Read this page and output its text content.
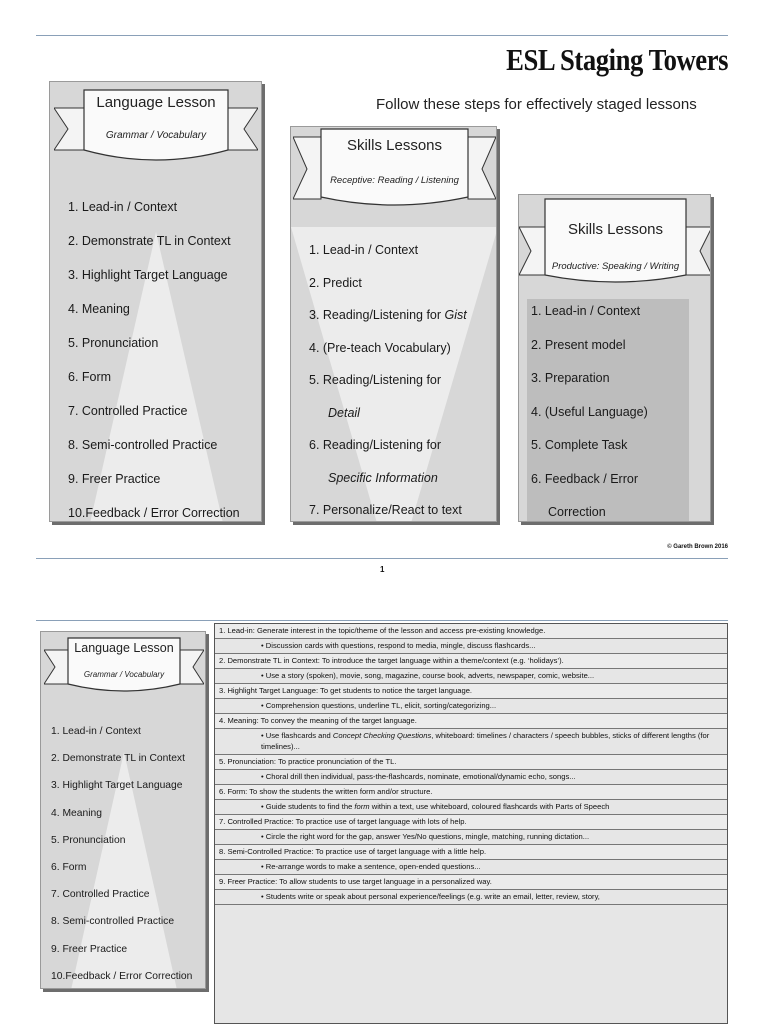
ESL Staging Towers
Follow these steps for effectively staged lessons
Language Lesson
Grammar / Vocabulary
1. Lead-in / Context
2. Demonstrate TL in Context
3. Highlight Target Language
4. Meaning
5. Pronunciation
6. Form
7. Controlled Practice
8. Semi-controlled Practice
9. Freer Practice
10.Feedback / Error Correction
Skills Lessons
Receptive: Reading / Listening
1. Lead-in / Context
2. Predict
3. Reading/Listening for Gist
4. (Pre-teach Vocabulary)
5. Reading/Listening for
Detail
6. Reading/Listening for
Specific Information
7. Personalize/React to text
Skills Lessons
Productive: Speaking / Writing
1. Lead-in / Context
2. Present model
3. Preparation
4. (Useful Language)
5. Complete Task
6. Feedback / Error
Correction
© Gareth Brown 2016
1
Language Lesson
Grammar / Vocabulary
1. Lead-in / Context
2. Demonstrate TL in Context
3. Highlight Target Language
4. Meaning
5. Pronunciation
6. Form
7. Controlled Practice
8. Semi-controlled Practice
9. Freer Practice
10.Feedback / Error Correction
1. Lead-in: Generate interest in the topic/theme of the lesson and access pre-existing knowledge.
• Discussion cards with questions, respond to media, mingle, discuss flashcards...
2. Demonstrate TL in Context: To introduce the target language within a theme/context (e.g. ‘holidays’).
• Use a story (spoken), movie, song, magazine, course book, adverts, newspaper, comic, website...
3. Highlight Target Language: To get students to notice the target language.
• Comprehension questions, underline TL, elicit, sorting/categorizing...
4. Meaning: To convey the meaning of the target language.
• Use flashcards and Concept Checking Questions, whiteboard: timelines / characters / speech bubbles, sticks of different lengths (for timelines)...
5. Pronunciation: To practice pronunciation of the TL.
• Choral drill then individual, pass-the-flashcards, nominate, emotional/dynamic echo, songs...
6. Form: To show the students the written form and/or structure.
• Guide students to find the form within a text, use whiteboard, coloured flashcards with Parts of Speech
7. Controlled Practice: To practice use of target language with lots of help.
• Circle the right word for the gap, answer Yes/No questions, mingle, matching, running dictation...
8. Semi-Controlled Practice: To practice use of target language with a little help.
• Re-arrange words to make a sentence, open-ended questions...
9. Freer Practice: To allow students to use target language in a personalized way.
• Students write or speak about personal experience/feelings (e.g. write an email, letter, review, story,
